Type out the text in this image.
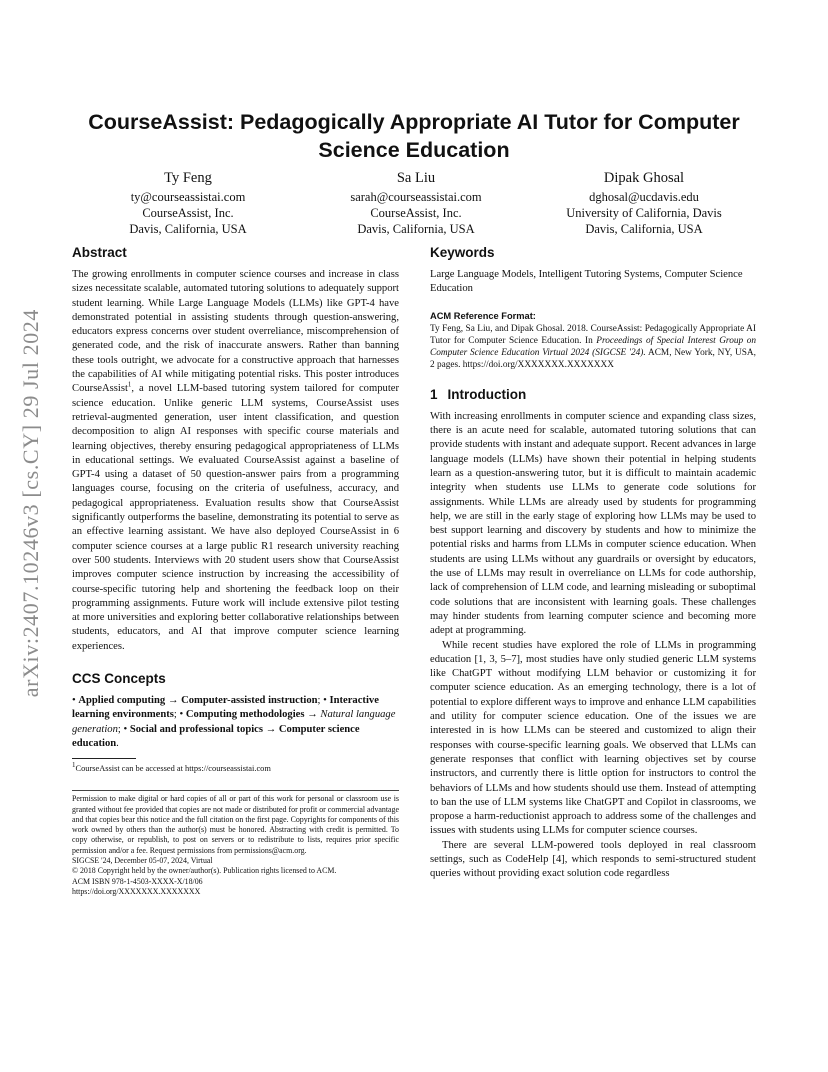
arXiv:2407.10246v3 [cs.CY] 29 Jul 2024
CourseAssist: Pedagogically Appropriate AI Tutor for Computer Science Education
Ty Feng
ty@courseassistai.com
CourseAssist, Inc.
Davis, California, USA
Sa Liu
sarah@courseassistai.com
CourseAssist, Inc.
Davis, California, USA
Dipak Ghosal
dghosal@ucdavis.edu
University of California, Davis
Davis, California, USA
Abstract

The growing enrollments in computer science courses and increase in class sizes necessitate scalable, automated tutoring solutions to adequately support student learning. While Large Language Models (LLMs) like GPT-4 have demonstrated potential in assisting students through question-answering, educators express concerns over student overreliance, miscomprehension of generated code, and the risk of inaccurate answers. Rather than banning these tools outright, we advocate for a constructive approach that harnesses the capabilities of AI while mitigating potential risks. This poster introduces CourseAssist$^1$, a novel LLM-based tutoring system tailored for computer science education. Unlike generic LLM systems, CourseAssist uses retrieval-augmented generation, user intent classification, and question decomposition to align AI responses with specific course materials and learning objectives, thereby ensuring pedagogical appropriateness of LLMs in educational settings. We evaluated CourseAssist against a baseline of GPT-4 using a dataset of 50 question-answer pairs from a programming languages course, focusing on the criteria of usefulness, accuracy, and pedagogical appropriateness. Evaluation results show that CourseAssist significantly outperforms the baseline, demonstrating its potential to serve as an effective learning assistant. We have also deployed CourseAssist in 6 computer science courses at a large public R1 research university reaching over 500 students. Interviews with 20 student users show that CourseAssist improves computer science instruction by increasing the accessibility of course-specific tutoring help and shortening the feedback loop on their programming assignments. Future work will include extensive pilot testing at more universities and exploring better collaborative relationships between students, educators, and AI that improve computer science learning experiences.

CCS Concepts

• Applied computing → Computer-assisted instruction; • Interactive learning environments; • Computing methodologies → Natural language generation; • Social and professional topics → Computer science education.

$^1$CourseAssist can be accessed at https://courseassistai.com

Permission to make digital or hard copies of all or part of this work for personal or classroom use is granted without fee provided that copies are not made or distributed for profit or commercial advantage and that copies bear this notice and the full citation on the first page. Copyrights for components of this work owned by others than the author(s) must be honored. Abstracting with credit is permitted. To copy otherwise, or republish, to post on servers or to redistribute to lists, requires prior specific permission and/or a fee. Request permissions from permissions@acm.org.

SIGCSE '24, December 05-07, 2024, Virtual

© 2018 Copyright held by the owner/author(s). Publication rights licensed to ACM.

ACM ISBN 978-1-4503-XXXX-X/18/06

https://doi.org/XXXXXXX.XXXXXXX

Keywords

Large Language Models, Intelligent Tutoring Systems, Computer Science Education

ACM Reference Format:

Ty Feng, Sa Liu, and Dipak Ghosal. 2018. CourseAssist: Pedagogically Appropriate AI Tutor for Computer Science Education. In Proceedings of Special Interest Group on Computer Science Education Virtual 2024 (SIGCSE '24). ACM, New York, NY, USA, 2 pages. https://doi.org/XXXXXXX.XXXXXXX

1 Introduction

With increasing enrollments in computer science and expanding class sizes, there is an acute need for scalable, automated tutoring solutions that can provide students with instant and adequate support. Recent advances in large language models (LLMs) have shown their potential in helping students learn as a question-answering tutor, but it is difficult to maintain academic integrity when students use LLMs to generate code solutions for assignments. While LLMs are already used by students for programming help, we are still in the early stage of exploring how LLMs may be used to best support learning and discovery by students and how to minimize the potential risks and harms from LLMs in computer science education. When students are using LLMs without any guardrails or oversight by educators, the use of LLMs may result in overreliance on LLMs for code authorship, lack of comprehension of LLM code, and learning misleading or suboptimal code solutions that are inconsistent with learning goals. These challenges may hinder students from learning computer science and becoming more adept at programming.

While recent studies have explored the role of LLMs in programming education [1, 3, 5–7], most studies have only studied generic LLM systems like ChatGPT without modifying LLM behavior or customizing it for computer science education. As an emerging technology, there is a lot of potential to explore different ways to improve and enhance LLM capabilities and utility for computer science education. One of the issues we are interested in is how LLMs can be steered and customized to align their responses with course-specific learning goals. We observed that LLMs can generate responses that conflict with learning objectives set by course instructors, and currently there is little option for instructors to control the behaviors of LLMs and how students should use them. Instead of attempting to ban the use of LLM systems like ChatGPT and Copilot in classrooms, we propose a harm-reductionist approach to address some of the challenges and issues with students using LLMs for computer science courses.

There are several LLM-powered tools deployed in real classroom settings, such as CodeHelp [4], which responds to semi-structured student queries without providing exact solution code regardless
